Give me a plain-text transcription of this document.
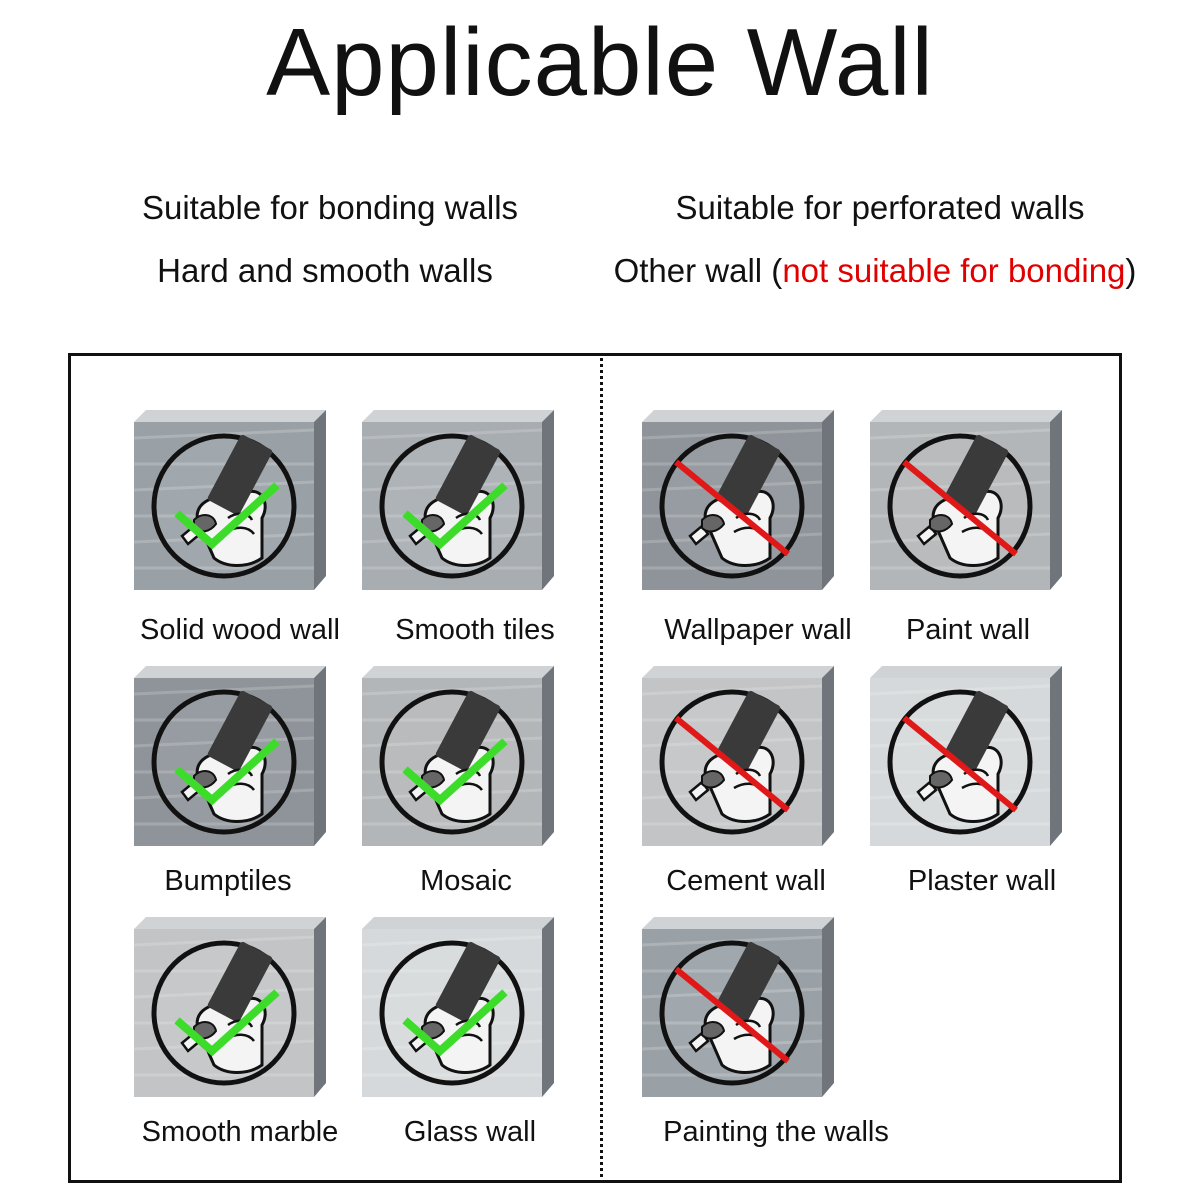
Applicable Wall
Suitable for bonding walls
Hard and smooth walls
Suitable for perforated walls
Other wall (not suitable for bonding)
Solid wood wall	Smooth tiles
Bumptiles	Mosaic
Smooth marble	Glass wall
Wallpaper wall	Paint wall
Cement wall	Plaster wall
Painting the walls
